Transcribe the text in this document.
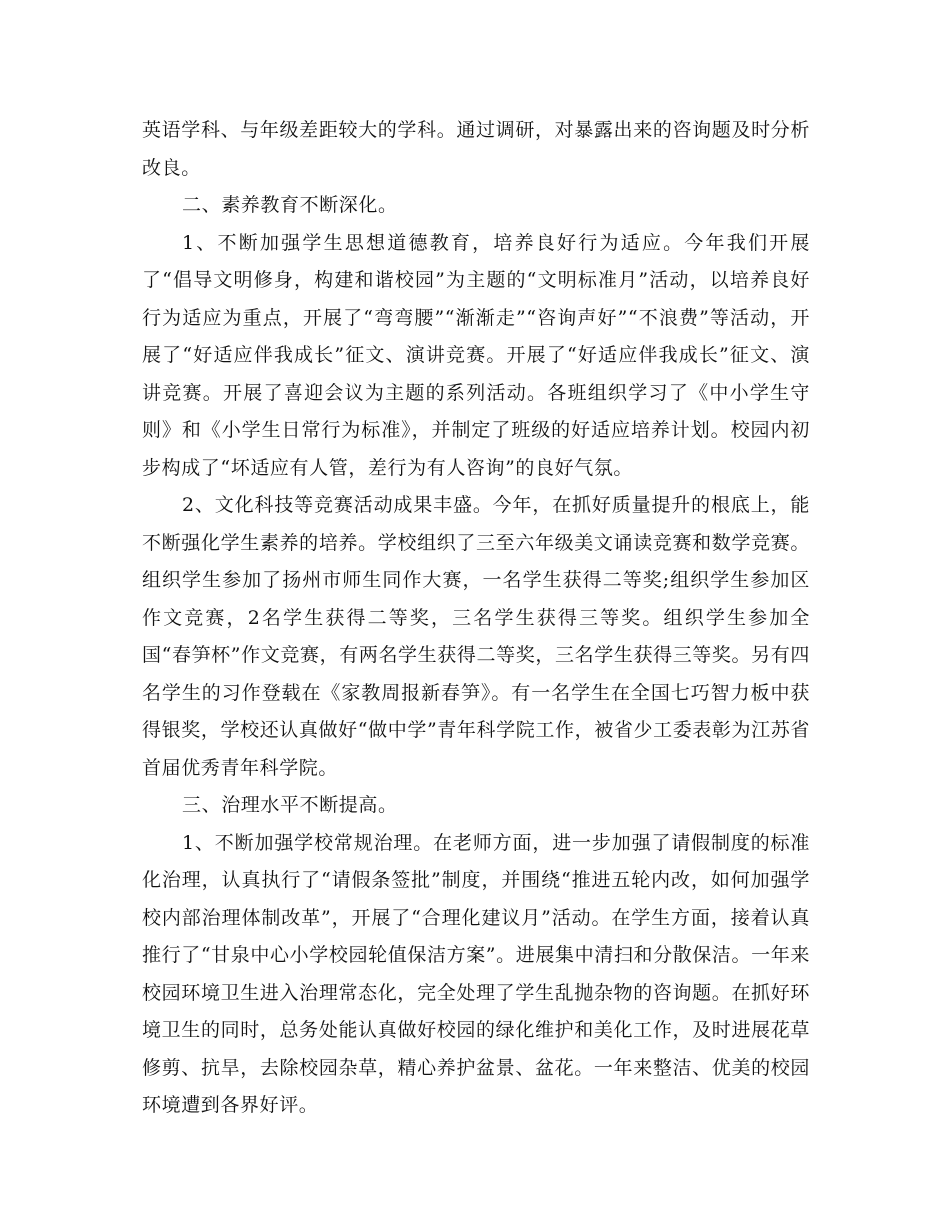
英语学科、与年级差距较大的学科。通过调研，对暴露出来的咨询题及时分析改良。

二、素养教育不断深化。

1、不断加强学生思想道德教育，培养良好行为适应。今年我们开展了“倡导文明修身，构建和谐校园”为主题的“文明标准月”活动，以培养良好行为适应为重点，开展了“弯弯腰”“渐渐走”“咨询声好”“不浪费”等活动，开展了“好适应伴我成长”征文、演讲竞赛。开展了“好适应伴我成长”征文、演讲竞赛。开展了喜迎会议为主题的系列活动。各班组织学习了《中小学生守则》和《小学生日常行为标准》，并制定了班级的好适应培养计划。校园内初步构成了“坏适应有人管，差行为有人咨询”的良好气氛。

2、文化科技等竞赛活动成果丰盛。今年，在抓好质量提升的根底上，能不断强化学生素养的培养。学校组织了三至六年级美文诵读竞赛和数学竞赛。组织学生参加了扬州市师生同作大赛，一名学生获得二等奖;组织学生参加区作文竞赛，2名学生获得二等奖，三名学生获得三等奖。组织学生参加全国“春笋杯”作文竞赛，有两名学生获得二等奖，三名学生获得三等奖。另有四名学生的习作登载在《家教周报新春笋》。有一名学生在全国七巧智力板中获得银奖，学校还认真做好“做中学”青年科学院工作，被省少工委表彰为江苏省首届优秀青年科学院。

三、治理水平不断提高。

1、不断加强学校常规治理。在老师方面，进一步加强了请假制度的标准化治理，认真执行了“请假条签批”制度，并围绕“推进五轮内改，如何加强学校内部治理体制改革”，开展了“合理化建议月”活动。在学生方面，接着认真推行了“甘泉中心小学校园轮值保洁方案”。进展集中清扫和分散保洁。一年来校园环境卫生进入治理常态化，完全处理了学生乱抛杂物的咨询题。在抓好环境卫生的同时，总务处能认真做好校园的绿化维护和美化工作，及时进展花草修剪、抗旱，去除校园杂草，精心养护盆景、盆花。一年来整洁、优美的校园环境遭到各界好评。
